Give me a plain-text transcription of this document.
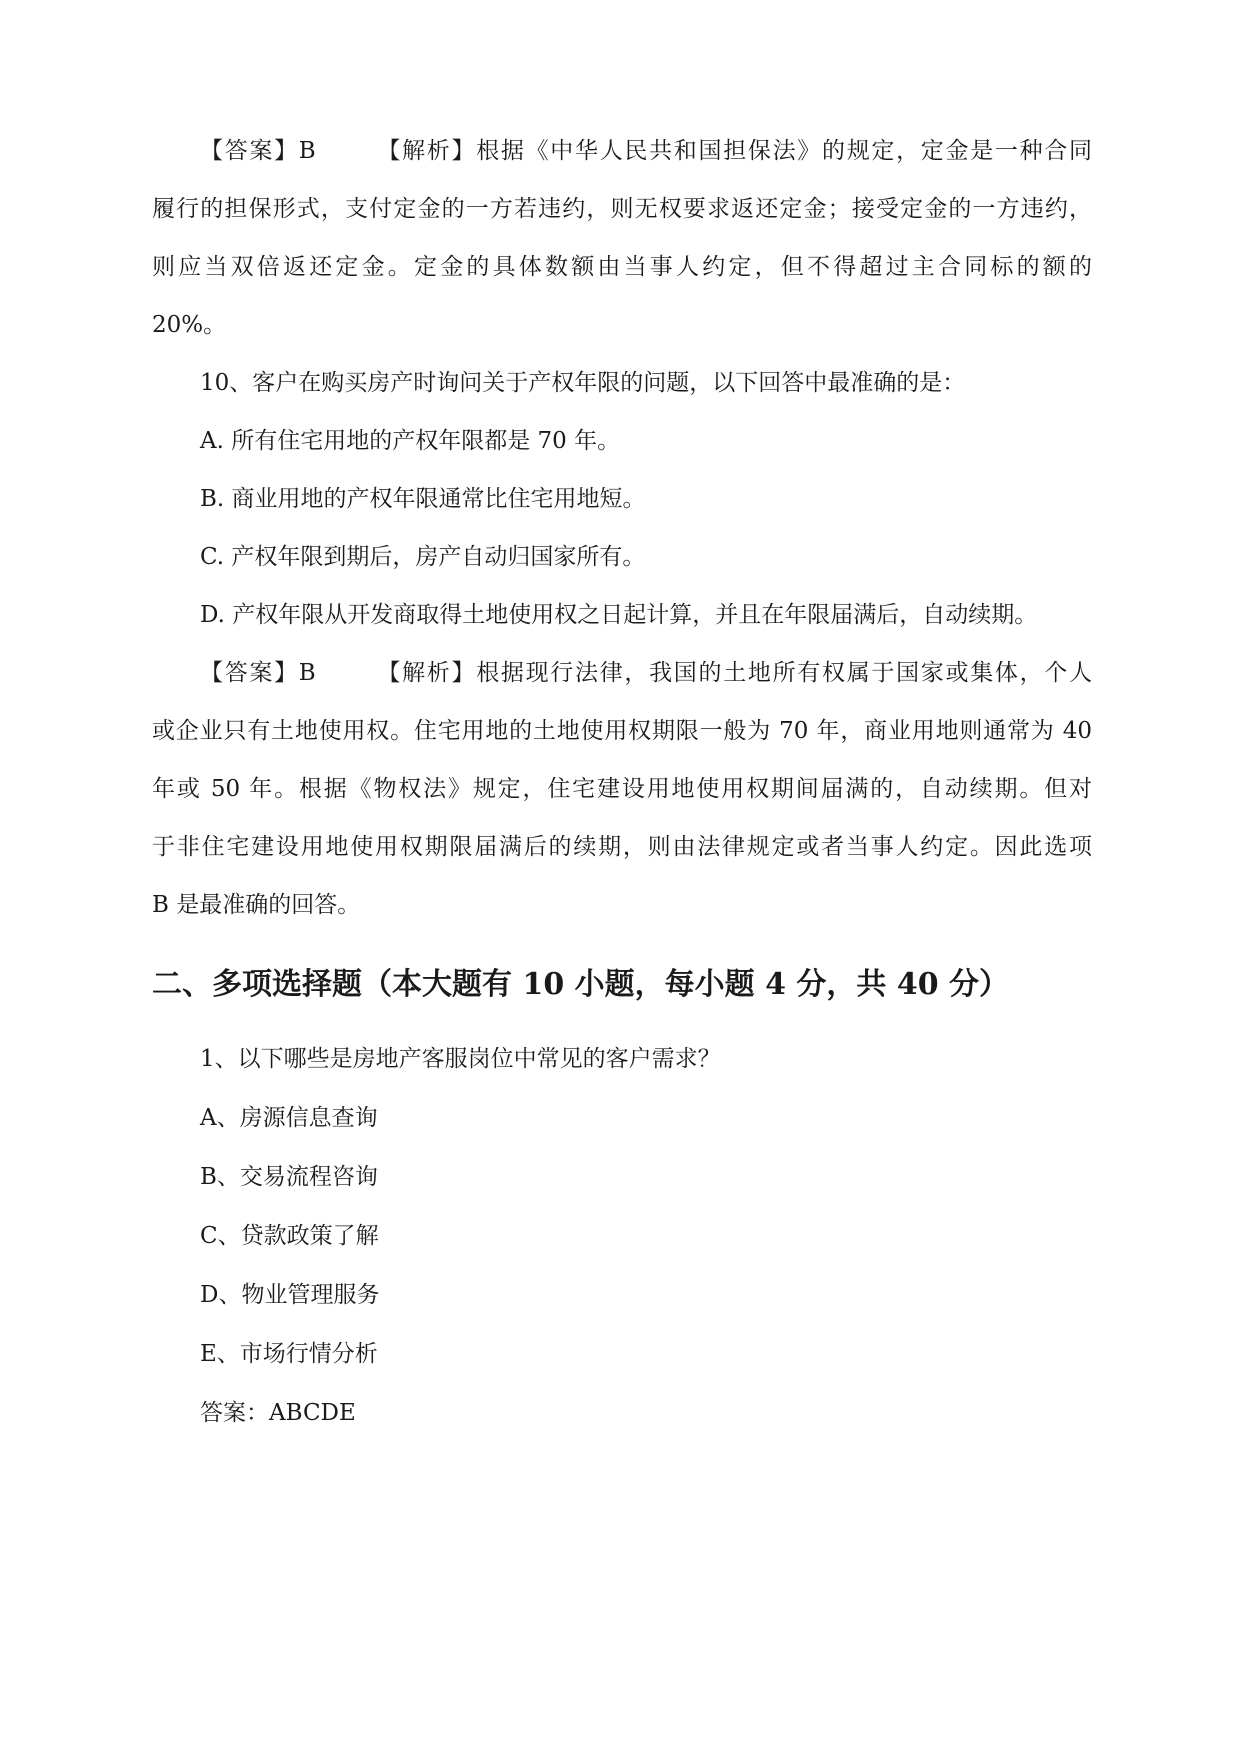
【答案】B	【解析】根据《中华人民共和国担保法》的规定，定金是一种合同
履行的担保形式，支付定金的一方若违约，则无权要求返还定金；接受定金的一方违约，
则应当双倍返还定金。定金的具体数额由当事人约定，但不得超过主合同标的额的
20%。
10、客户在购买房产时询问关于产权年限的问题，以下回答中最准确的是：
A. 所有住宅用地的产权年限都是 70 年。
B. 商业用地的产权年限通常比住宅用地短。
C. 产权年限到期后，房产自动归国家所有。
D. 产权年限从开发商取得土地使用权之日起计算，并且在年限届满后，自动续期。
【答案】B	【解析】根据现行法律，我国的土地所有权属于国家或集体，个人
或企业只有土地使用权。住宅用地的土地使用权期限一般为 70 年，商业用地则通常为 40
年或 50 年。根据《物权法》规定，住宅建设用地使用权期间届满的，自动续期。但对
于非住宅建设用地使用权期限届满后的续期，则由法律规定或者当事人约定。因此选项
B 是最准确的回答。
二、多项选择题（本大题有 10 小题，每小题 4 分，共 40 分）
1、以下哪些是房地产客服岗位中常见的客户需求？
A、房源信息查询
B、交易流程咨询
C、贷款政策了解
D、物业管理服务
E、市场行情分析
答案：ABCDE
